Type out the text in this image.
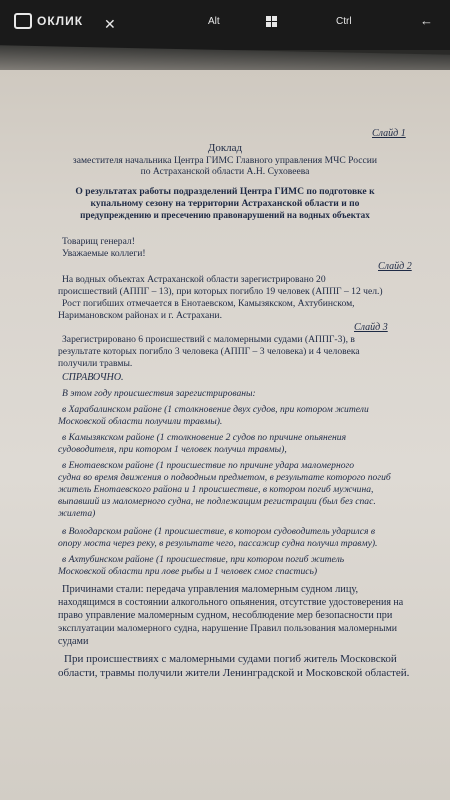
ОКЛИК ✕	Alt	Ctrl	←
Слайд 1
Доклад
заместителя начальника Центра ГИМС Главного управления МЧС России
по Астраханской области А.Н. Суховеева
О результатах работы подразделений Центра ГИМС по подготовке к
купальному сезону на территории Астраханской области и по
предупреждению и пресечению правонарушений на водных объектах
Товарищ генерал!
Уважаемые коллеги!
Слайд 2
На водных объектах Астраханской области зарегистрировано 20
происшествий (АППГ – 13), при которых погибло 19 человек (АППГ – 12 чел.)
Рост погибших отмечается в Енотаевском, Камызякском, Ахтубинском,
Наримановском районах и г. Астрахани.
Слайд 3
Зарегистрировано 6 происшествий с маломерными судами (АППГ-3), в
результате которых погибло 3 человека (АППГ – 3 человека) и 4 человека
получили травмы.
СПРАВОЧНО.
В этом году происшествия зарегистрированы:
в Харабалинском районе (1 столкновение двух судов, при котором жители
Московской области получили травмы).
в Камызякском районе (1 столкновение 2 судов по причине опьянения
судоводителя, при котором 1 человек получил травмы),
в Енотаевском районе (1 происшествие по причине удара маломерного
судна во время движения о подводным предметом, в результате которого погиб
житель Енотаевского района и 1 происшествие, в котором погиб мужчина,
выпавший из маломерного судна, не подлежащим регистрации (был без спас.
жилета)
в Володарском районе (1 происшествие, в котором судоводитель ударился в
опору моста через реку, в результате чего, пассажир судна получил травму).
в Ахтубинском районе (1 происшествие, при котором погиб житель
Московской области при лове рыбы и 1 человек смог спастись)
Причинами стали: передача управления маломерным судном лицу,
находящимся в состоянии алкогольного опьянения, отсутствие удостоверения на
право управление маломерным судном, несоблюдение мер безопасности при
эксплуатации маломерного судна, нарушение Правил пользования маломерными
судами
При происшествиях с маломерными судами погиб житель Московской
области, травмы получили жители Ленинградской и Московской областей.
